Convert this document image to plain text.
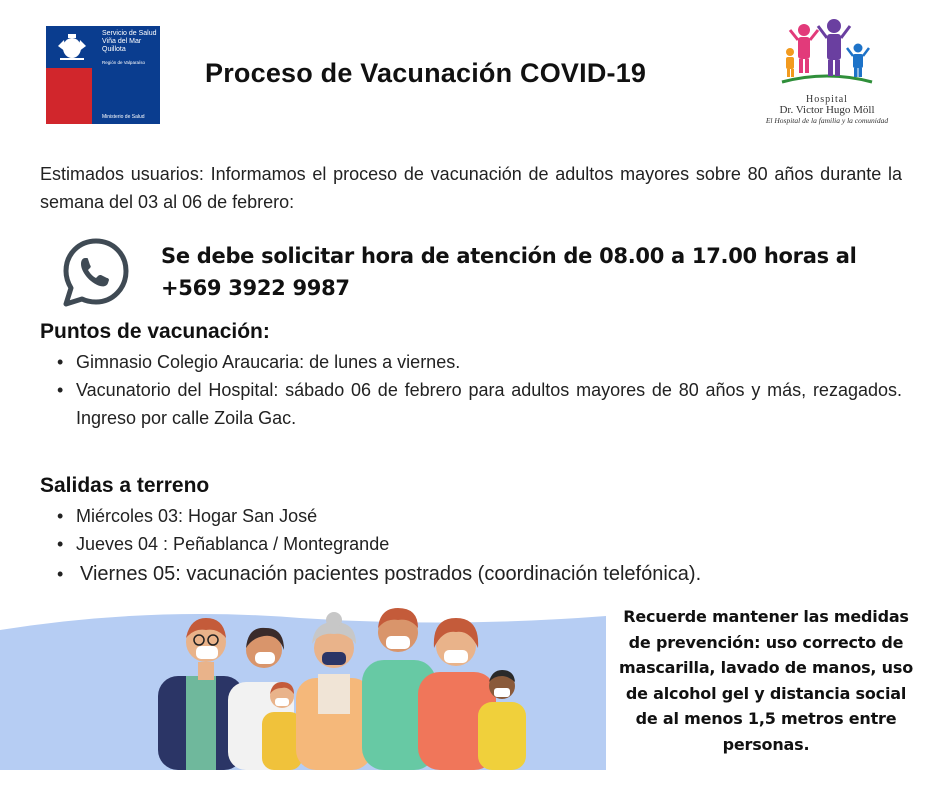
Servicio de Salud
Viña del Mar
Quillota
Región de Valparaíso
Ministerio de Salud
Proceso de Vacunación COVID-19
Hospital
Dr. Victor Hugo Möll
El Hospital de la familia y la comunidad
Estimados usuarios: Informamos el proceso de vacunación de adultos mayores sobre 80 años durante la semana del 03 al 06 de febrero:
Se debe solicitar hora de atención de 08.00 a 17.00 horas al
+569 3922 9987
Puntos de vacunación:
• Gimnasio Colegio Araucaria: de lunes a viernes.
• Vacunatorio del Hospital: sábado 06 de febrero para adultos mayores de 80 años y más, rezagados. Ingreso por calle Zoila Gac.
Salidas a terreno
• Miércoles 03: Hogar San José
• Jueves 04 : Peñablanca / Montegrande
• Viernes 05: vacunación pacientes postrados (coordinación telefónica).
Recuerde mantener las medidas de prevención: uso correcto de mascarilla, lavado de manos, uso de alcohol gel y distancia social de al menos 1,5 metros entre personas.
